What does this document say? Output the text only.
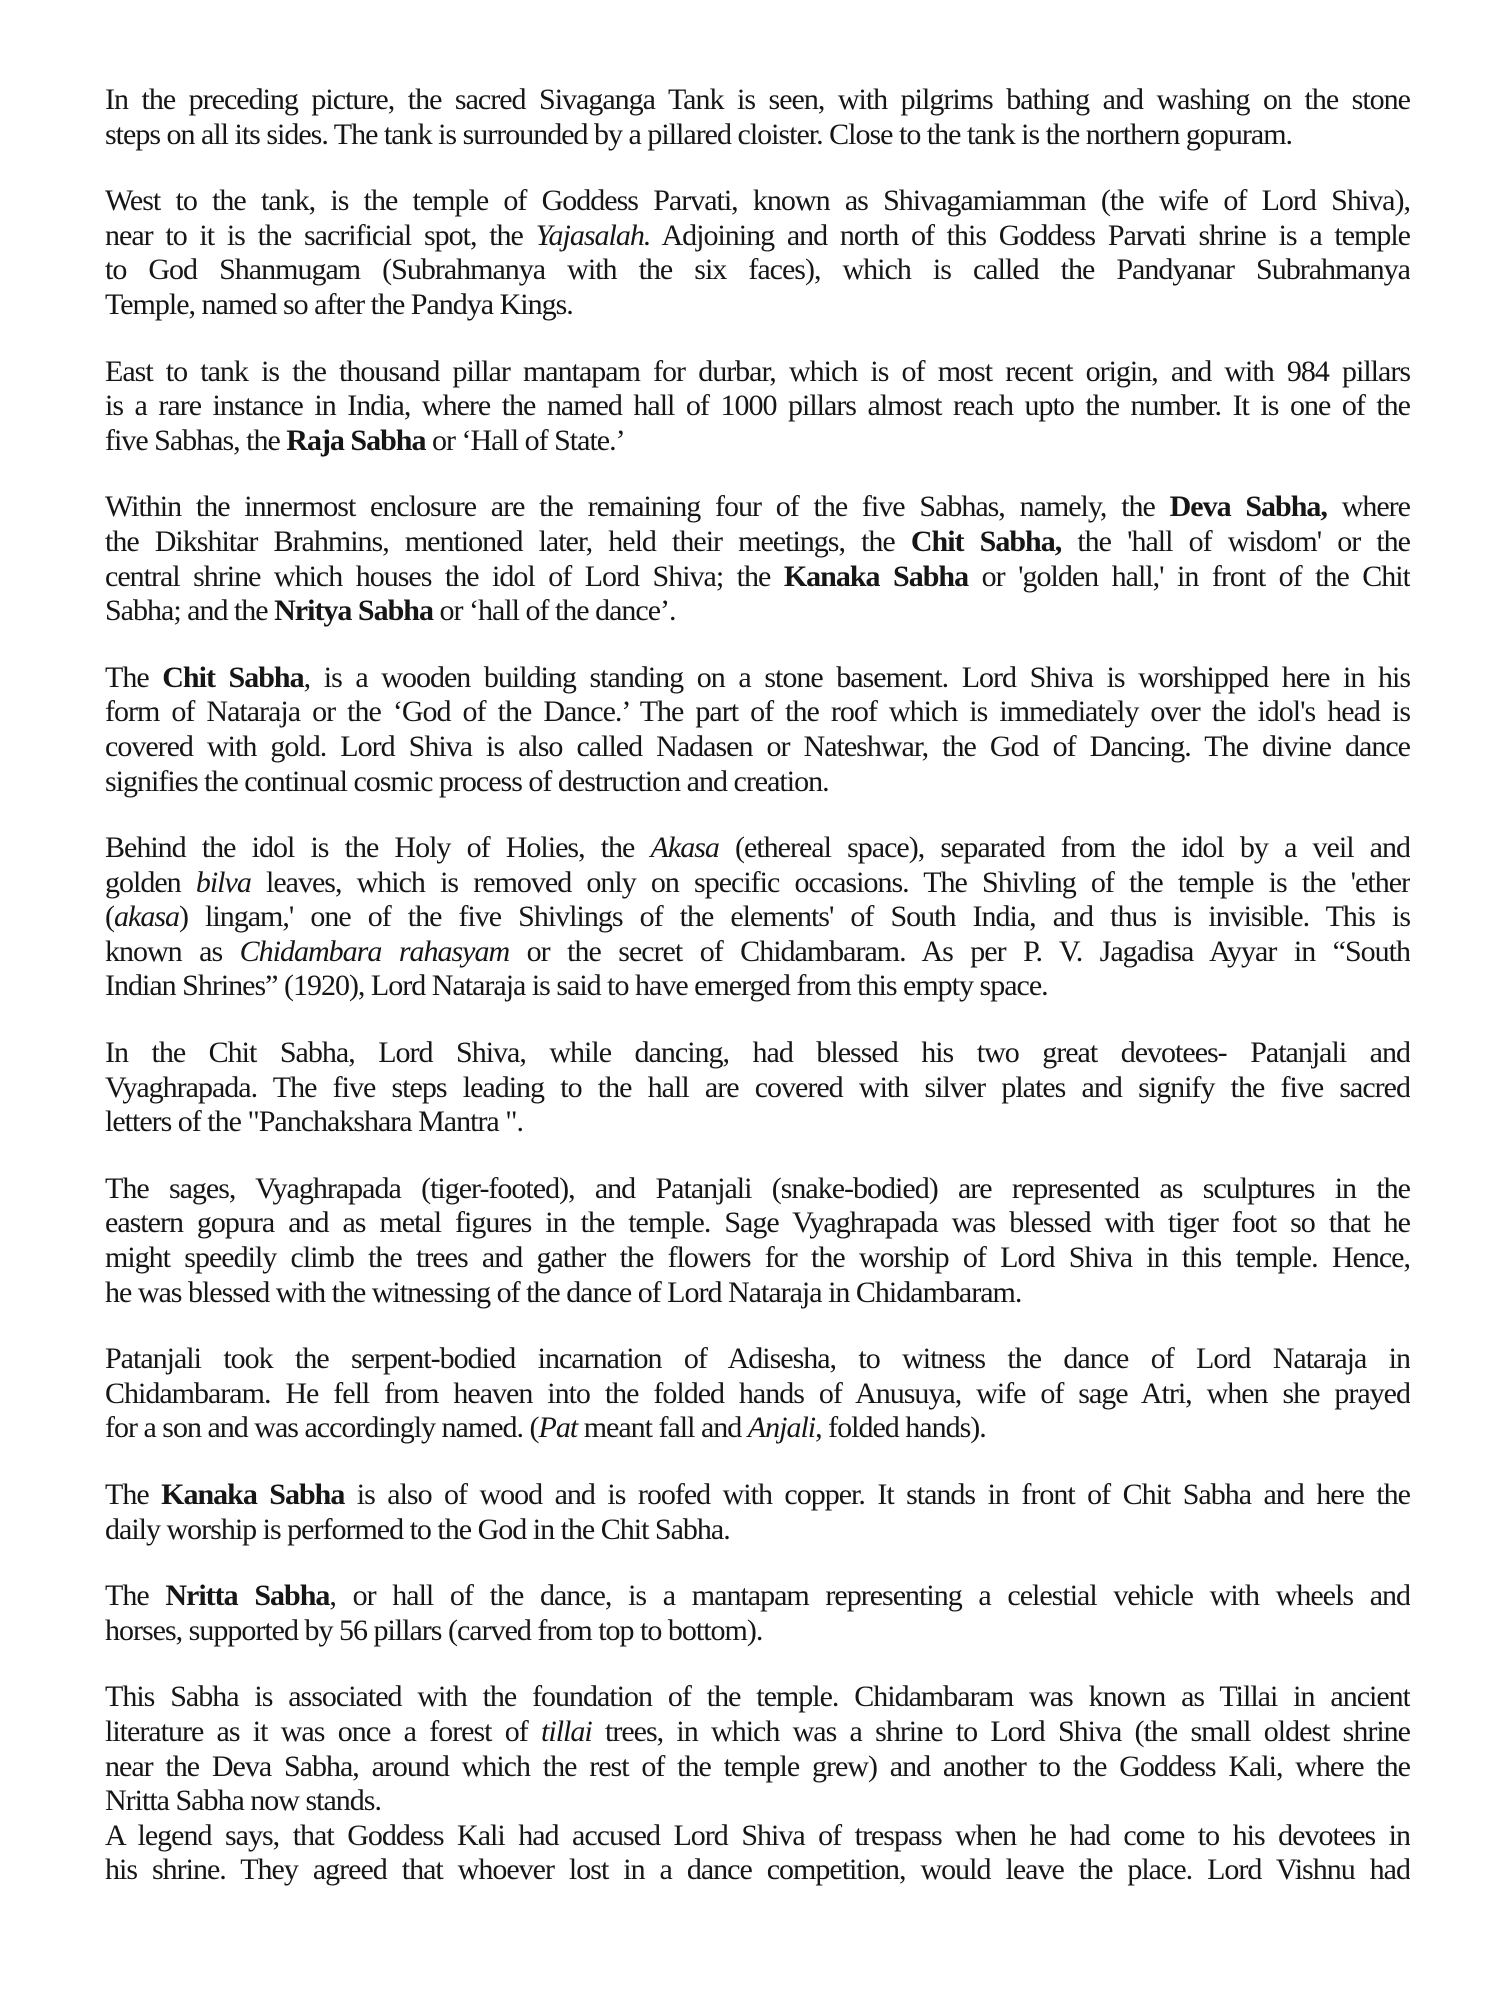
In the preceding picture, the sacred Sivaganga Tank is seen, with pilgrims bathing and washing on the stone
steps on all its sides. The tank is surrounded by a pillared cloister. Close to the tank is the northern gopuram.
West to the tank, is the temple of Goddess Parvati, known as Shivagamiamman (the wife of Lord Shiva),
near to it is the sacrificial spot, the Yajasalah. Adjoining and north of this Goddess Parvati shrine is a temple
to God Shanmugam (Subrahmanya with the six faces), which is called the Pandyanar Subrahmanya
Temple, named so after the Pandya Kings.
East to tank is the thousand pillar mantapam for durbar, which is of most recent origin, and with 984 pillars
is a rare instance in India, where the named hall of 1000 pillars almost reach upto the number. It is one of the
five Sabhas, the Raja Sabha or ‘Hall of State.’
Within the innermost enclosure are the remaining four of the five Sabhas, namely, the Deva Sabha, where
the Dikshitar Brahmins, mentioned later, held their meetings, the Chit Sabha, the 'hall of wisdom' or the
central shrine which houses the idol of Lord Shiva; the Kanaka Sabha or 'golden hall,' in front of the Chit
Sabha; and the Nritya Sabha or ‘hall of the dance’.
The Chit Sabha, is a wooden building standing on a stone basement. Lord Shiva is worshipped here in his
form of Nataraja or the ‘God of the Dance.’ The part of the roof which is immediately over the idol's head is
covered with gold. Lord Shiva is also called Nadasen or Nateshwar, the God of Dancing. The divine dance
signifies the continual cosmic process of destruction and creation.
Behind the idol is the Holy of Holies, the Akasa (ethereal space), separated from the idol by a veil and
golden bilva leaves, which is removed only on specific occasions. The Shivling of the temple is the 'ether
(akasa) lingam,' one of the five Shivlings of the elements' of South India, and thus is invisible. This is
known as Chidambara rahasyam or the secret of Chidambaram. As per P. V. Jagadisa Ayyar in “South
Indian Shrines” (1920), Lord Nataraja is said to have emerged from this empty space.
In the Chit Sabha, Lord Shiva, while dancing, had blessed his two great devotees- Patanjali and
Vyaghrapada. The five steps leading to the hall are covered with silver plates and signify the five sacred
letters of the "Panchakshara Mantra ".
The sages, Vyaghrapada (tiger-footed), and Patanjali (snake-bodied) are represented as sculptures in the
eastern gopura and as metal figures in the temple. Sage Vyaghrapada was blessed with tiger foot so that he
might speedily climb the trees and gather the flowers for the worship of Lord Shiva in this temple. Hence,
he was blessed with the witnessing of the dance of Lord Nataraja in Chidambaram.
Patanjali took the serpent-bodied incarnation of Adisesha, to witness the dance of Lord Nataraja in
Chidambaram. He fell from heaven into the folded hands of Anusuya, wife of sage Atri, when she prayed
for a son and was accordingly named. (Pat meant fall and Anjali, folded hands).
The Kanaka Sabha is also of wood and is roofed with copper. It stands in front of Chit Sabha and here the
daily worship is performed to the God in the Chit Sabha.
The Nritta Sabha, or hall of the dance, is a mantapam representing a celestial vehicle with wheels and
horses, supported by 56 pillars (carved from top to bottom).
This Sabha is associated with the foundation of the temple. Chidambaram was known as Tillai in ancient
literature as it was once a forest of tillai trees, in which was a shrine to Lord Shiva (the small oldest shrine
near the Deva Sabha, around which the rest of the temple grew) and another to the Goddess Kali, where the
Nritta Sabha now stands.
A legend says, that Goddess Kali had accused Lord Shiva of trespass when he had come to his devotees in
his shrine. They agreed that whoever lost in a dance competition, would leave the place. Lord Vishnu had
